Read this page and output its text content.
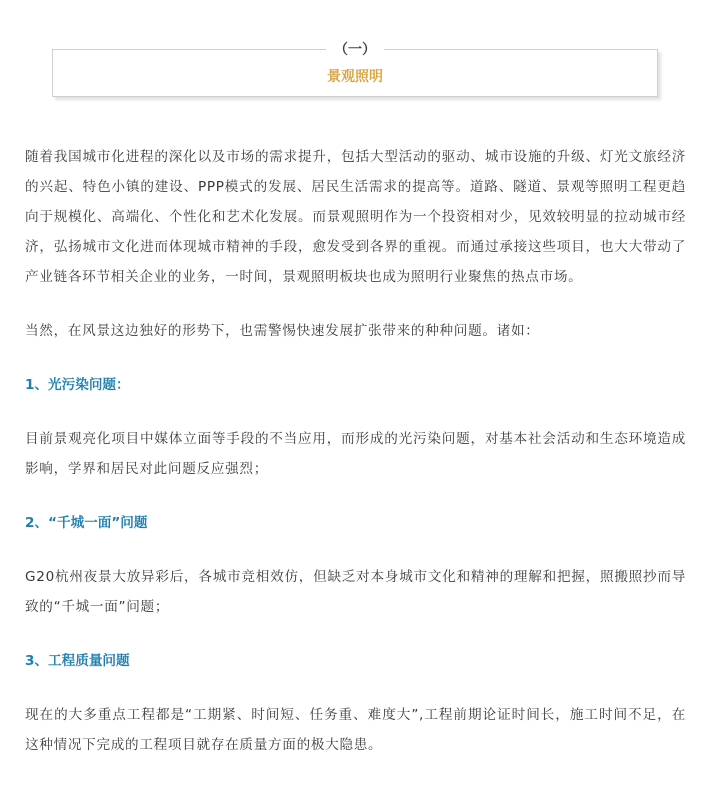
（一）
景观照明

随着我国城市化进程的深化以及市场的需求提升，包括大型活动的驱动、城市设施的升级、灯光文旅经济的兴起、特色小镇的建设、PPP模式的发展、居民生活需求的提高等。道路、隧道、景观等照明工程更趋向于规模化、高端化、个性化和艺术化发展。而景观照明作为一个投资相对少，见效较明显的拉动城市经济，弘扬城市文化进而体现城市精神的手段，愈发受到各界的重视。而通过承接这些项目，也大大带动了产业链各环节相关企业的业务，一时间，景观照明板块也成为照明行业聚焦的热点市场。

当然，在风景这边独好的形势下，也需警惕快速发展扩张带来的种种问题。诸如：

1、光污染问题：

目前景观亮化项目中媒体立面等手段的不当应用，而形成的光污染问题，对基本社会活动和生态环境造成影响，学界和居民对此问题反应强烈；

2、“千城一面”问题

G20杭州夜景大放异彩后，各城市竞相效仿，但缺乏对本身城市文化和精神的理解和把握，照搬照抄而导致的“千城一面”问题；

3、工程质量问题

现在的大多重点工程都是“工期紧、时间短、任务重、难度大”,工程前期论证时间长，施工时间不足，在这种情况下完成的工程项目就存在质量方面的极大隐患。
